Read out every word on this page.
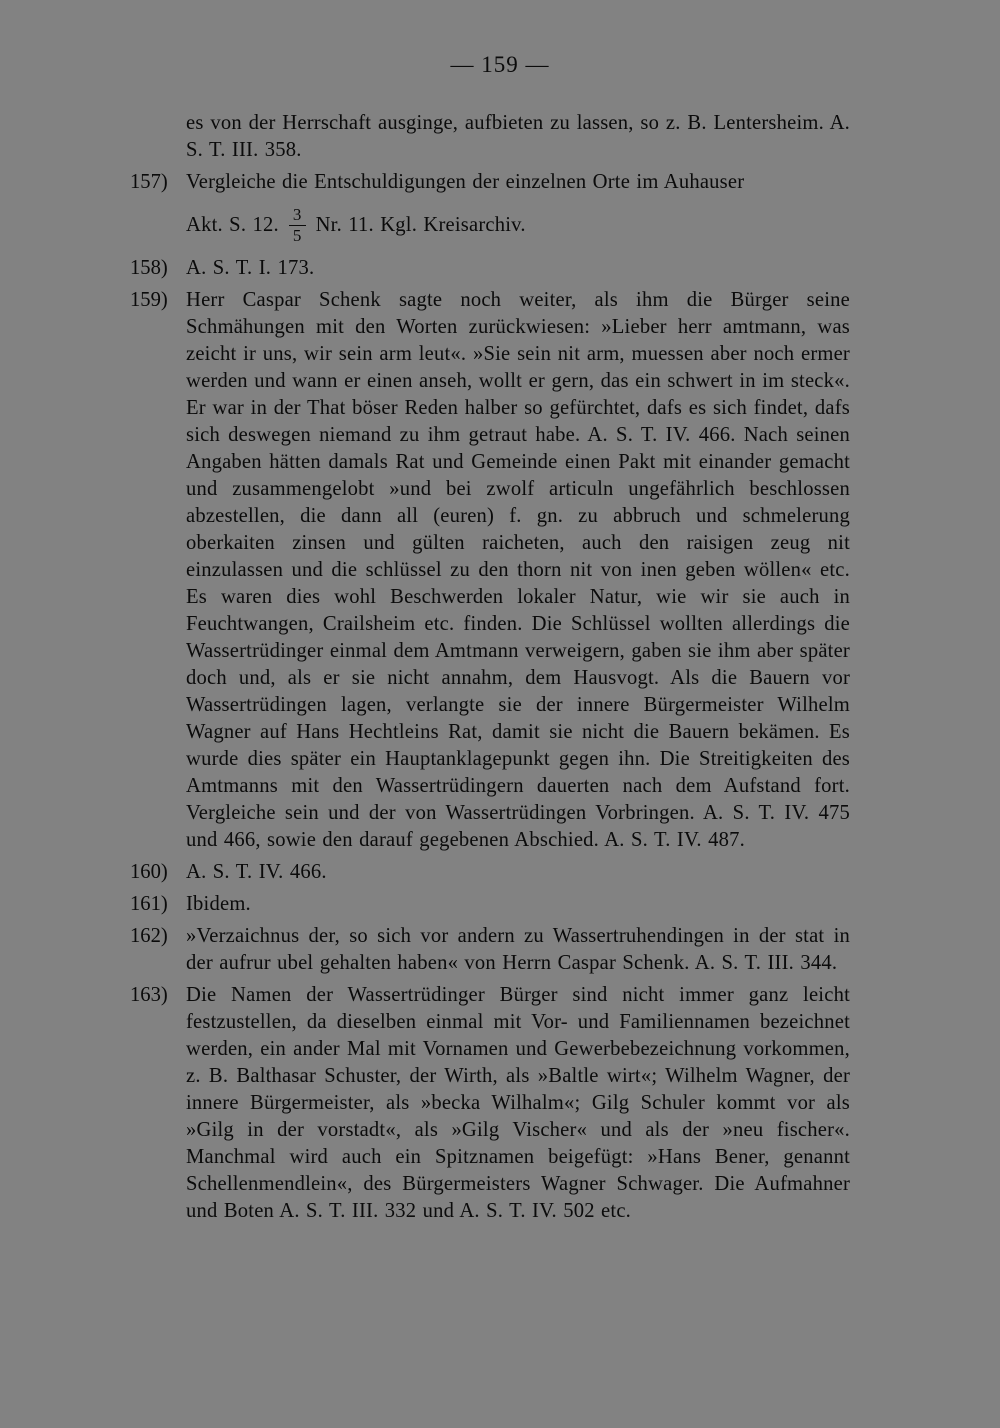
— 159 —
es von der Herrschaft ausginge, aufbieten zu lassen, so z. B. Lentersheim. A. S. T. III. 358.
157) Vergleiche die Entschuldigungen der einzelnen Orte im Auhauser
Akt. S. 12. $\frac{3}{5} Nr$. 11. Kgl. Kreisarchiv.
158) A. S. T. I. 173.
159) Herr Caspar Schenk sagte noch weiter, als ihm die Bürger seine Schmähungen mit den Worten zurückwiesen: »Lieber herr amtmann, was zeicht ir uns, wir sein arm leut«. »Sie sein nit arm, muessen aber noch ermer werden und wann er einen anseh, wollt er gern, das ein schwert in im steck«. Er war in der That böser Reden halber so gefürchtet, dafs es sich findet, dafs sich deswegen niemand zu ihm getraut habe. A. S. T. IV. 466. Nach seinen Angaben hätten damals Rat und Gemeinde einen Pakt mit einander gemacht und zusammengelobt »und bei zwolf articuln ungefährlich beschlossen abzestellen, die dann all (euren) f. gn. zu abbruch und schmelerung oberkaiten zinsen und gülten raicheten, auch den raisigen zeug nit einzulassen und die schlüssel zu den thorn nit von inen geben wöllen« etc. Es waren dies wohl Beschwerden lokaler Natur, wie wir sie auch in Feuchtwangen, Crailsheim etc. finden. Die Schlüssel wollten allerdings die Wassertrüdinger einmal dem Amtmann verweigern, gaben sie ihm aber später doch und, als er sie nicht annahm, dem Hausvogt. Als die Bauern vor Wassertrüdingen lagen, verlangte sie der innere Bürgermeister Wilhelm Wagner auf Hans Hechtleins Rat, damit sie nicht die Bauern bekämen. Es wurde dies später ein Hauptanklagepunkt gegen ihn. Die Streitigkeiten des Amtmanns mit den Wassertrüdingern dauerten nach dem Aufstand fort. Vergleiche sein und der von Wassertrüdingen Vorbringen. A. S. T. IV. 475 und 466, sowie den darauf gegebenen Abschied. A. S. T. IV. 487.
160) A. S. T. IV. 466.
161) Ibidem.
162) »Verzaichnus der, so sich vor andern zu Wassertruhendingen in der stat in der aufrur ubel gehalten haben« von Herrn Caspar Schenk. A. S. T. III. 344.
163) Die Namen der Wassertrüdinger Bürger sind nicht immer ganz leicht festzustellen, da dieselben einmal mit Vor- und Familiennamen bezeichnet werden, ein ander Mal mit Vornamen und Gewerbebezeichnung vorkommen, z. B. Balthasar Schuster, der Wirth, als »Baltle wirt«; Wilhelm Wagner, der innere Bürgermeister, als »becka Wilhalm«; Gilg Schuler kommt vor als »Gilg in der vorstadt«, als »Gilg Vischer« und als der »neu fischer«. Manchmal wird auch ein Spitznamen beigefügt: »Hans Bener, genannt Schellenmendlein«, des Bürgermeisters Wagner Schwager. Die Aufmahner und Boten A. S. T. III. 332 und A. S. T. IV. 502 etc.
